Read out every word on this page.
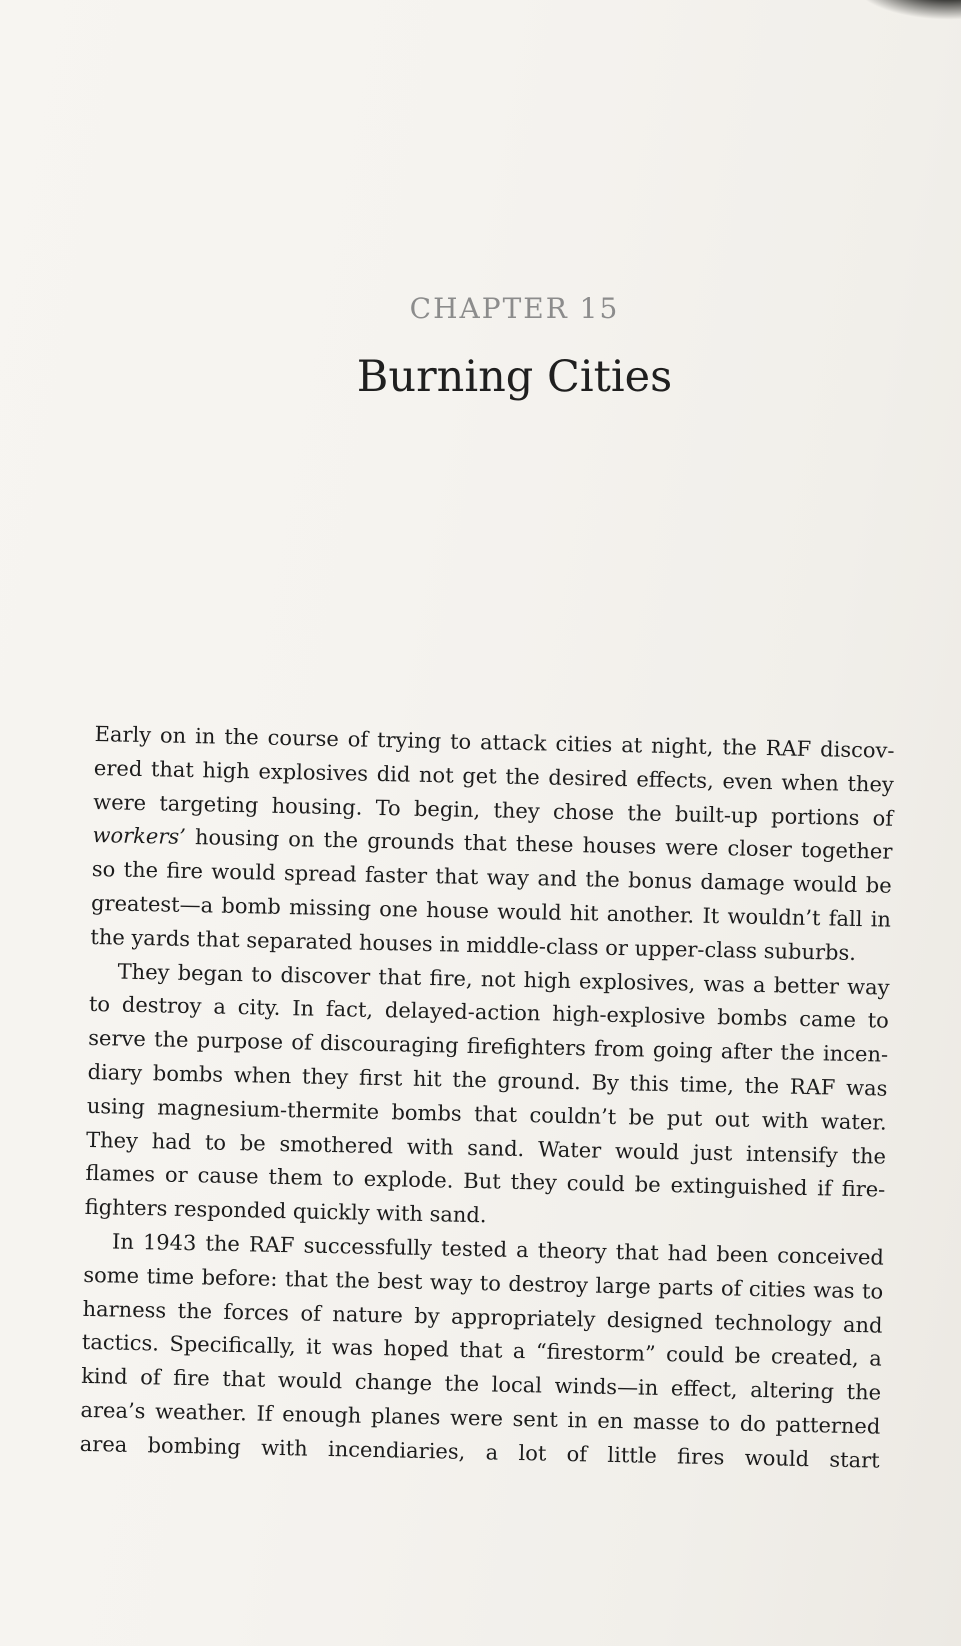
CHAPTER 15
Burning Cities
Early on in the course of trying to attack cities at night, the RAF discov-
ered that high explosives did not get the desired effects, even when they
were targeting housing. To begin, they chose the built-up portions of
workers’ housing on the grounds that these houses were closer together
so the fire would spread faster that way and the bonus damage would be
greatest—a bomb missing one house would hit another. It wouldn’t fall in
the yards that separated houses in middle-class or upper-class suburbs.
They began to discover that fire, not high explosives, was a better way
to destroy a city. In fact, delayed-action high-explosive bombs came to
serve the purpose of discouraging firefighters from going after the incen-
diary bombs when they first hit the ground. By this time, the RAF was
using magnesium-thermite bombs that couldn’t be put out with water.
They had to be smothered with sand. Water would just intensify the
flames or cause them to explode. But they could be extinguished if fire-
fighters responded quickly with sand.
In 1943 the RAF successfully tested a theory that had been conceived
some time before: that the best way to destroy large parts of cities was to
harness the forces of nature by appropriately designed technology and
tactics. Specifically, it was hoped that a “firestorm” could be created, a
kind of fire that would change the local winds—in effect, altering the
area’s weather. If enough planes were sent in en masse to do patterned
area bombing with incendiaries, a lot of little fires would start
